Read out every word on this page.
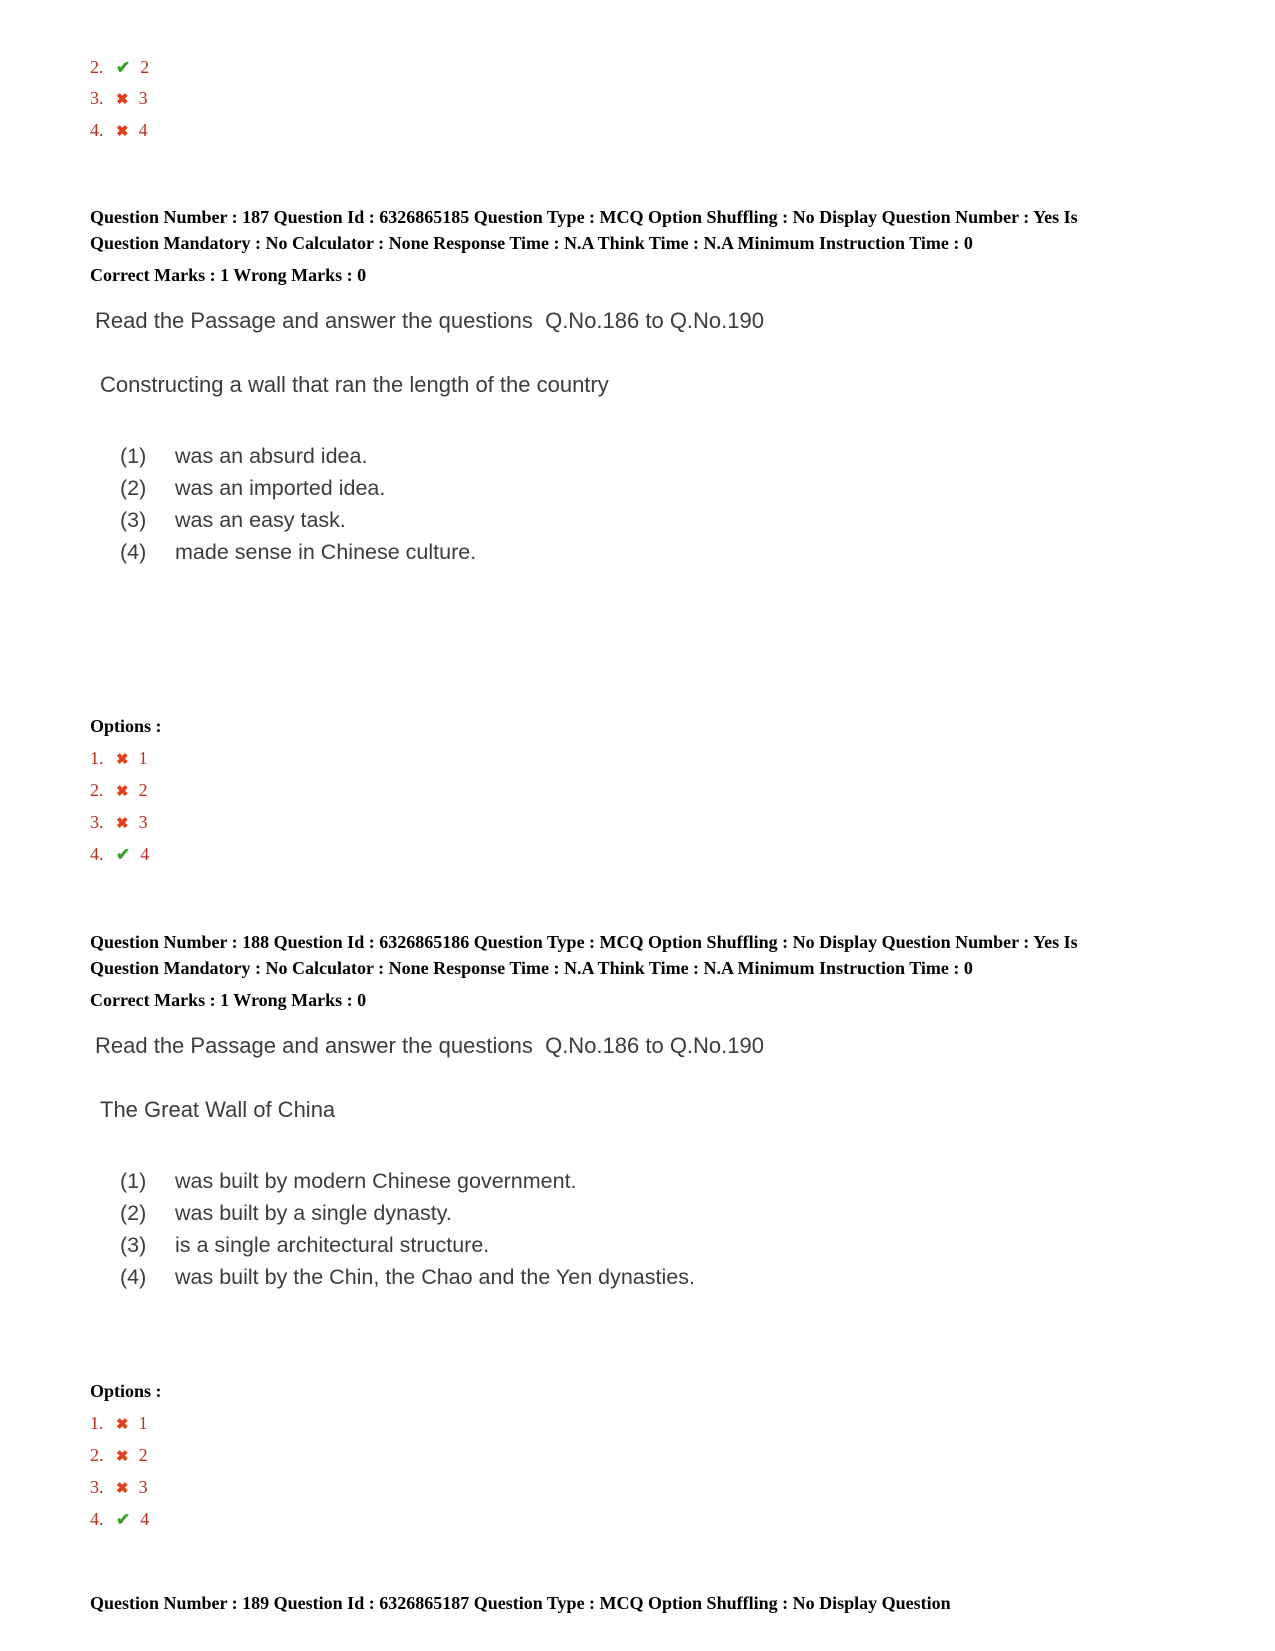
2. ✔	2
3. ✖	3
4. ✖	4
Question Number : 187 Question Id : 6326865185 Question Type : MCQ Option Shuffling : No Display Question Number : Yes Is Question Mandatory : No Calculator : None Response Time : N.A Think Time : N.A Minimum Instruction Time : 0
Correct Marks : 1 Wrong Marks : 0
Read the Passage and answer the questions  Q.No.186 to Q.No.190
Constructing a wall that ran the length of the country
(1)	was an absurd idea.
(2)	was an imported idea.
(3)	was an easy task.
(4)	made sense in Chinese culture.
Options :
1. ✖	1
2. ✖	2
3. ✖	3
4. ✔	4
Question Number : 188 Question Id : 6326865186 Question Type : MCQ Option Shuffling : No Display Question Number : Yes Is Question Mandatory : No Calculator : None Response Time : N.A Think Time : N.A Minimum Instruction Time : 0
Correct Marks : 1 Wrong Marks : 0
Read the Passage and answer the questions  Q.No.186 to Q.No.190
The Great Wall of China
(1)	was built by modern Chinese government.
(2)	was built by a single dynasty.
(3)	is a single architectural structure.
(4)	was built by the Chin, the Chao and the Yen dynasties.
Options :
1. ✖	1
2. ✖	2
3. ✖	3
4. ✔	4
Question Number : 189 Question Id : 6326865187 Question Type : MCQ Option Shuffling : No Display Question
